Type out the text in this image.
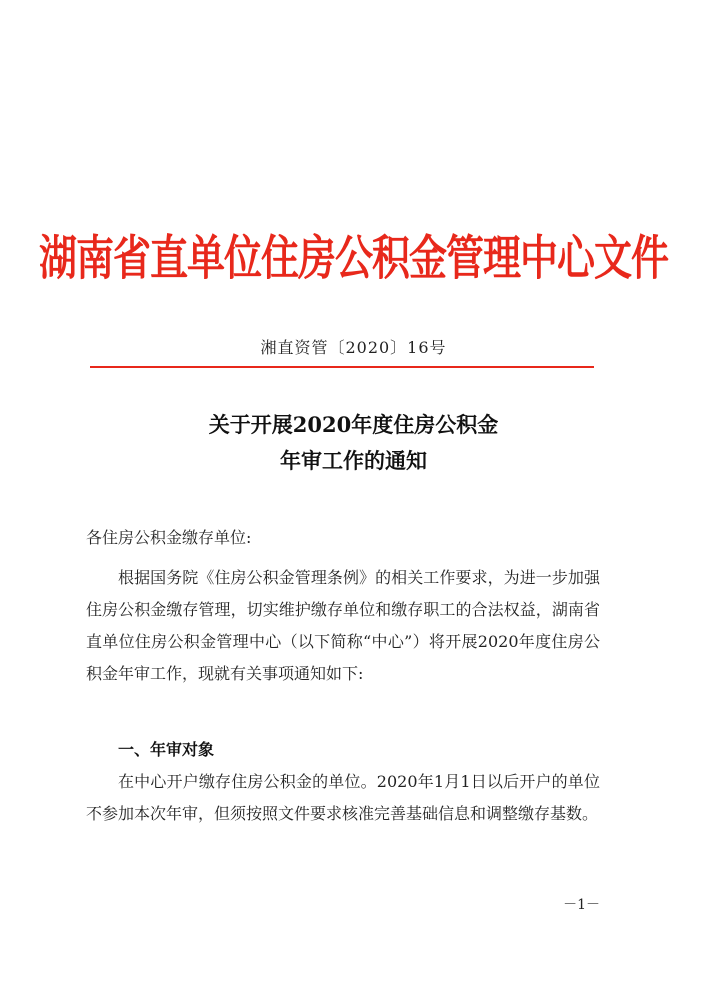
湖南省直单位住房公积金管理中心文件
湘直资管〔2020〕16号
关于开展2020年度住房公积金
年审工作的通知
各住房公积金缴存单位:
根据国务院《住房公积金管理条例》的相关工作要求，为进一步加强住房公积金缴存管理，切实维护缴存单位和缴存职工的合法权益，湖南省直单位住房公积金管理中心（以下简称“中心”）将开展2020年度住房公积金年审工作，现就有关事项通知如下:
一、年审对象
在中心开户缴存住房公积金的单位。2020年1月1日以后开户的单位不参加本次年审，但须按照文件要求核准完善基础信息和调整缴存基数。
－1－
